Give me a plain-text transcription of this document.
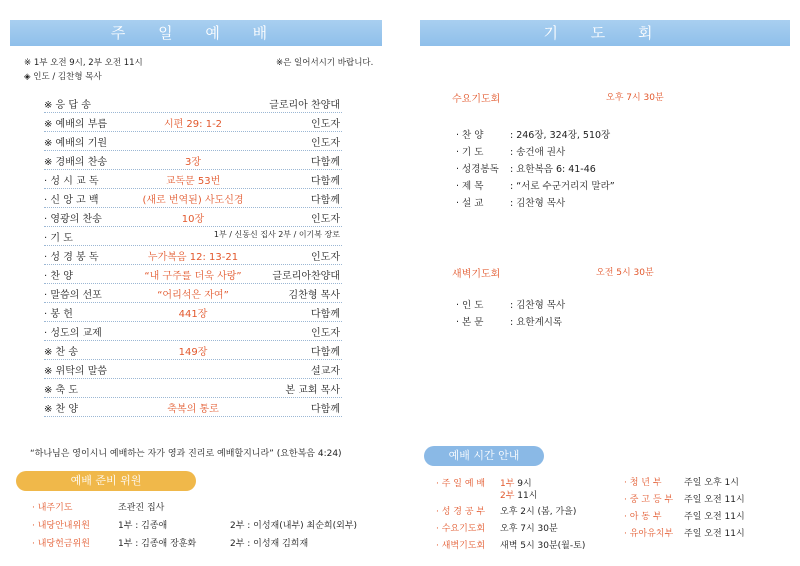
주 일 예 배
※ 1부 오전 9시, 2부 오전 11시	※은 일어서시기 바랍니다.
◈ 인도 / 김찬형 목사
※ 응 답 송	글로리아 찬양대
※ 예배의 부름	시편 29: 1-2	인도자
※ 예배의 기원	인도자
※ 경배의 찬송	3장	다함께
· 성 시 교 독	교독문 53번	다함께
· 신 앙 고 백	(새로 번역된) 사도신경	다함께
· 영광의 찬송	10장	인도자
· 기 도	1부 / 신동신 집사 2부 / 이기복 장로
· 성 경 봉 독	누가복음 12: 13-21	인도자
· 찬 양	“내 구주를 더욱 사랑”	글로리아찬양대
· 말씀의 선포	“어리석은 자여”	김찬형 목사
· 봉 헌	441장	다함께
· 성도의 교제	인도자
※ 찬 송	149장	다함께
※ 위탁의 말씀	설교자
※ 축 도	본 교회 목사
※ 찬 양	축복의 통로	다함께
“하나님은 영이시니 예배하는 자가 영과 진리로 예배할지니라” (요한복음 4:24)
예배 준비 위원
· 내주기도	조관진 집사
· 내당안내위원	1부 : 김종애	2부 : 이성재(내부) 최순희(외부)
· 내당헌금위원	1부 : 김종애 장훈화	2부 : 이성재 김희재
기 도 회
수요기도회	오후 7시 30분
· 찬 양	: 246장, 324장, 510장
· 기 도	: 송건애 권사
· 성경봉독 : 요한복음 6: 41-46
· 제 목	: “서로 수군거리지 말라”
· 설 교	: 김찬형 목사
새벽기도회	오전 5시 30분
· 인 도	: 김찬형 목사
· 본 문	: 요한계시록
예배 시간 안내
· 주 일 예 배 1부 9시
2부 11시
· 성 경 공 부 오후 2시 (봄, 가을)
· 수요기도회 오후 7시 30분
· 새벽기도회 새벽 5시 30분(월-토)
· 청 년 부 주일 오후 1시
· 중 고 등 부 주일 오전 11시
· 아 동 부 주일 오전 11시
· 유아유치부 주일 오전 11시
